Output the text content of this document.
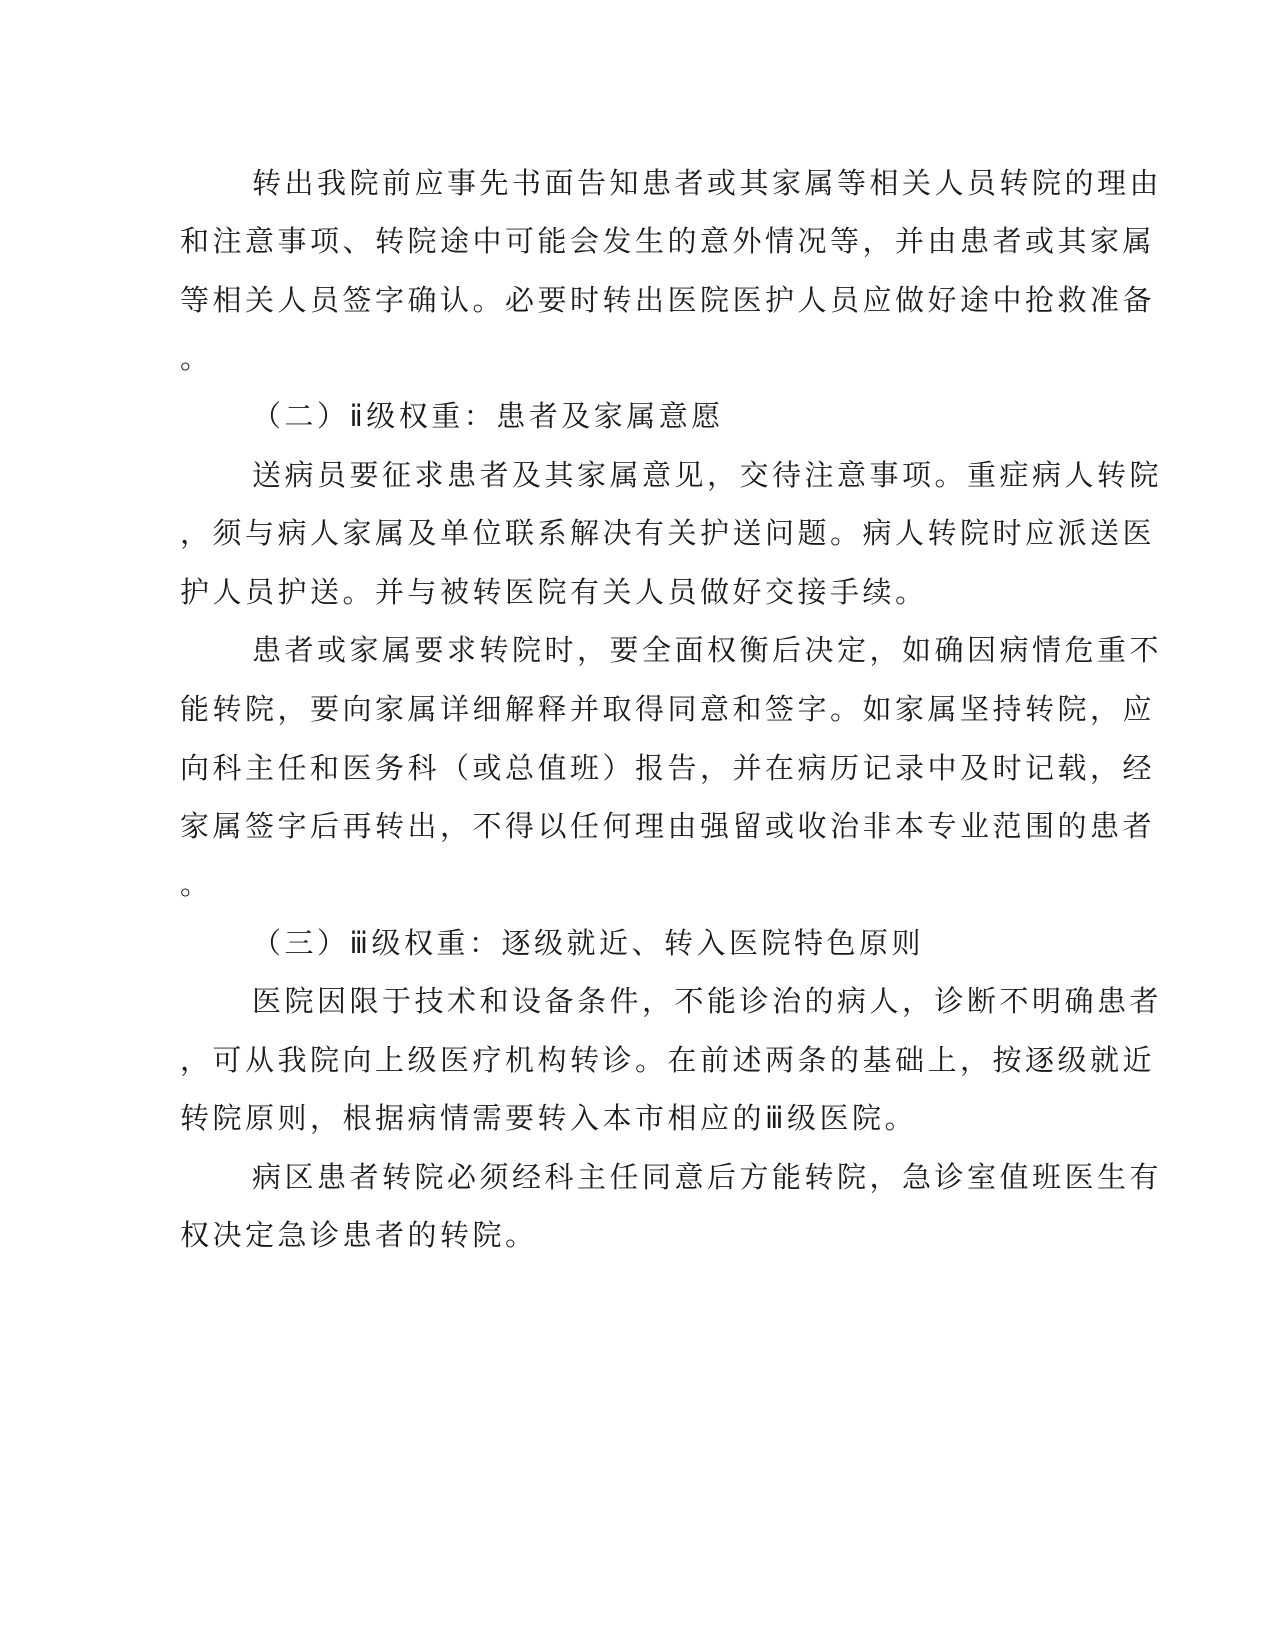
转出我院前应事先书面告知患者或其家属等相关人员转院的理由
和注意事项、转院途中可能会发生的意外情况等，并由患者或其家属
等相关人员签字确认。必要时转出医院医护人员应做好途中抢救准备
。
（二）ⅱ级权重：患者及家属意愿
送病员要征求患者及其家属意见，交待注意事项。重症病人转院
，须与病人家属及单位联系解决有关护送问题。病人转院时应派送医
护人员护送。并与被转医院有关人员做好交接手续。
患者或家属要求转院时，要全面权衡后决定，如确因病情危重不
能转院，要向家属详细解释并取得同意和签字。如家属坚持转院，应
向科主任和医务科（或总值班）报告，并在病历记录中及时记载，经
家属签字后再转出，不得以任何理由强留或收治非本专业范围的患者
。
（三）ⅲ级权重：逐级就近、转入医院特色原则
医院因限于技术和设备条件，不能诊治的病人，诊断不明确患者
，可从我院向上级医疗机构转诊。在前述两条的基础上，按逐级就近
转院原则，根据病情需要转入本市相应的ⅲ级医院。
病区患者转院必须经科主任同意后方能转院，急诊室值班医生有
权决定急诊患者的转院。
